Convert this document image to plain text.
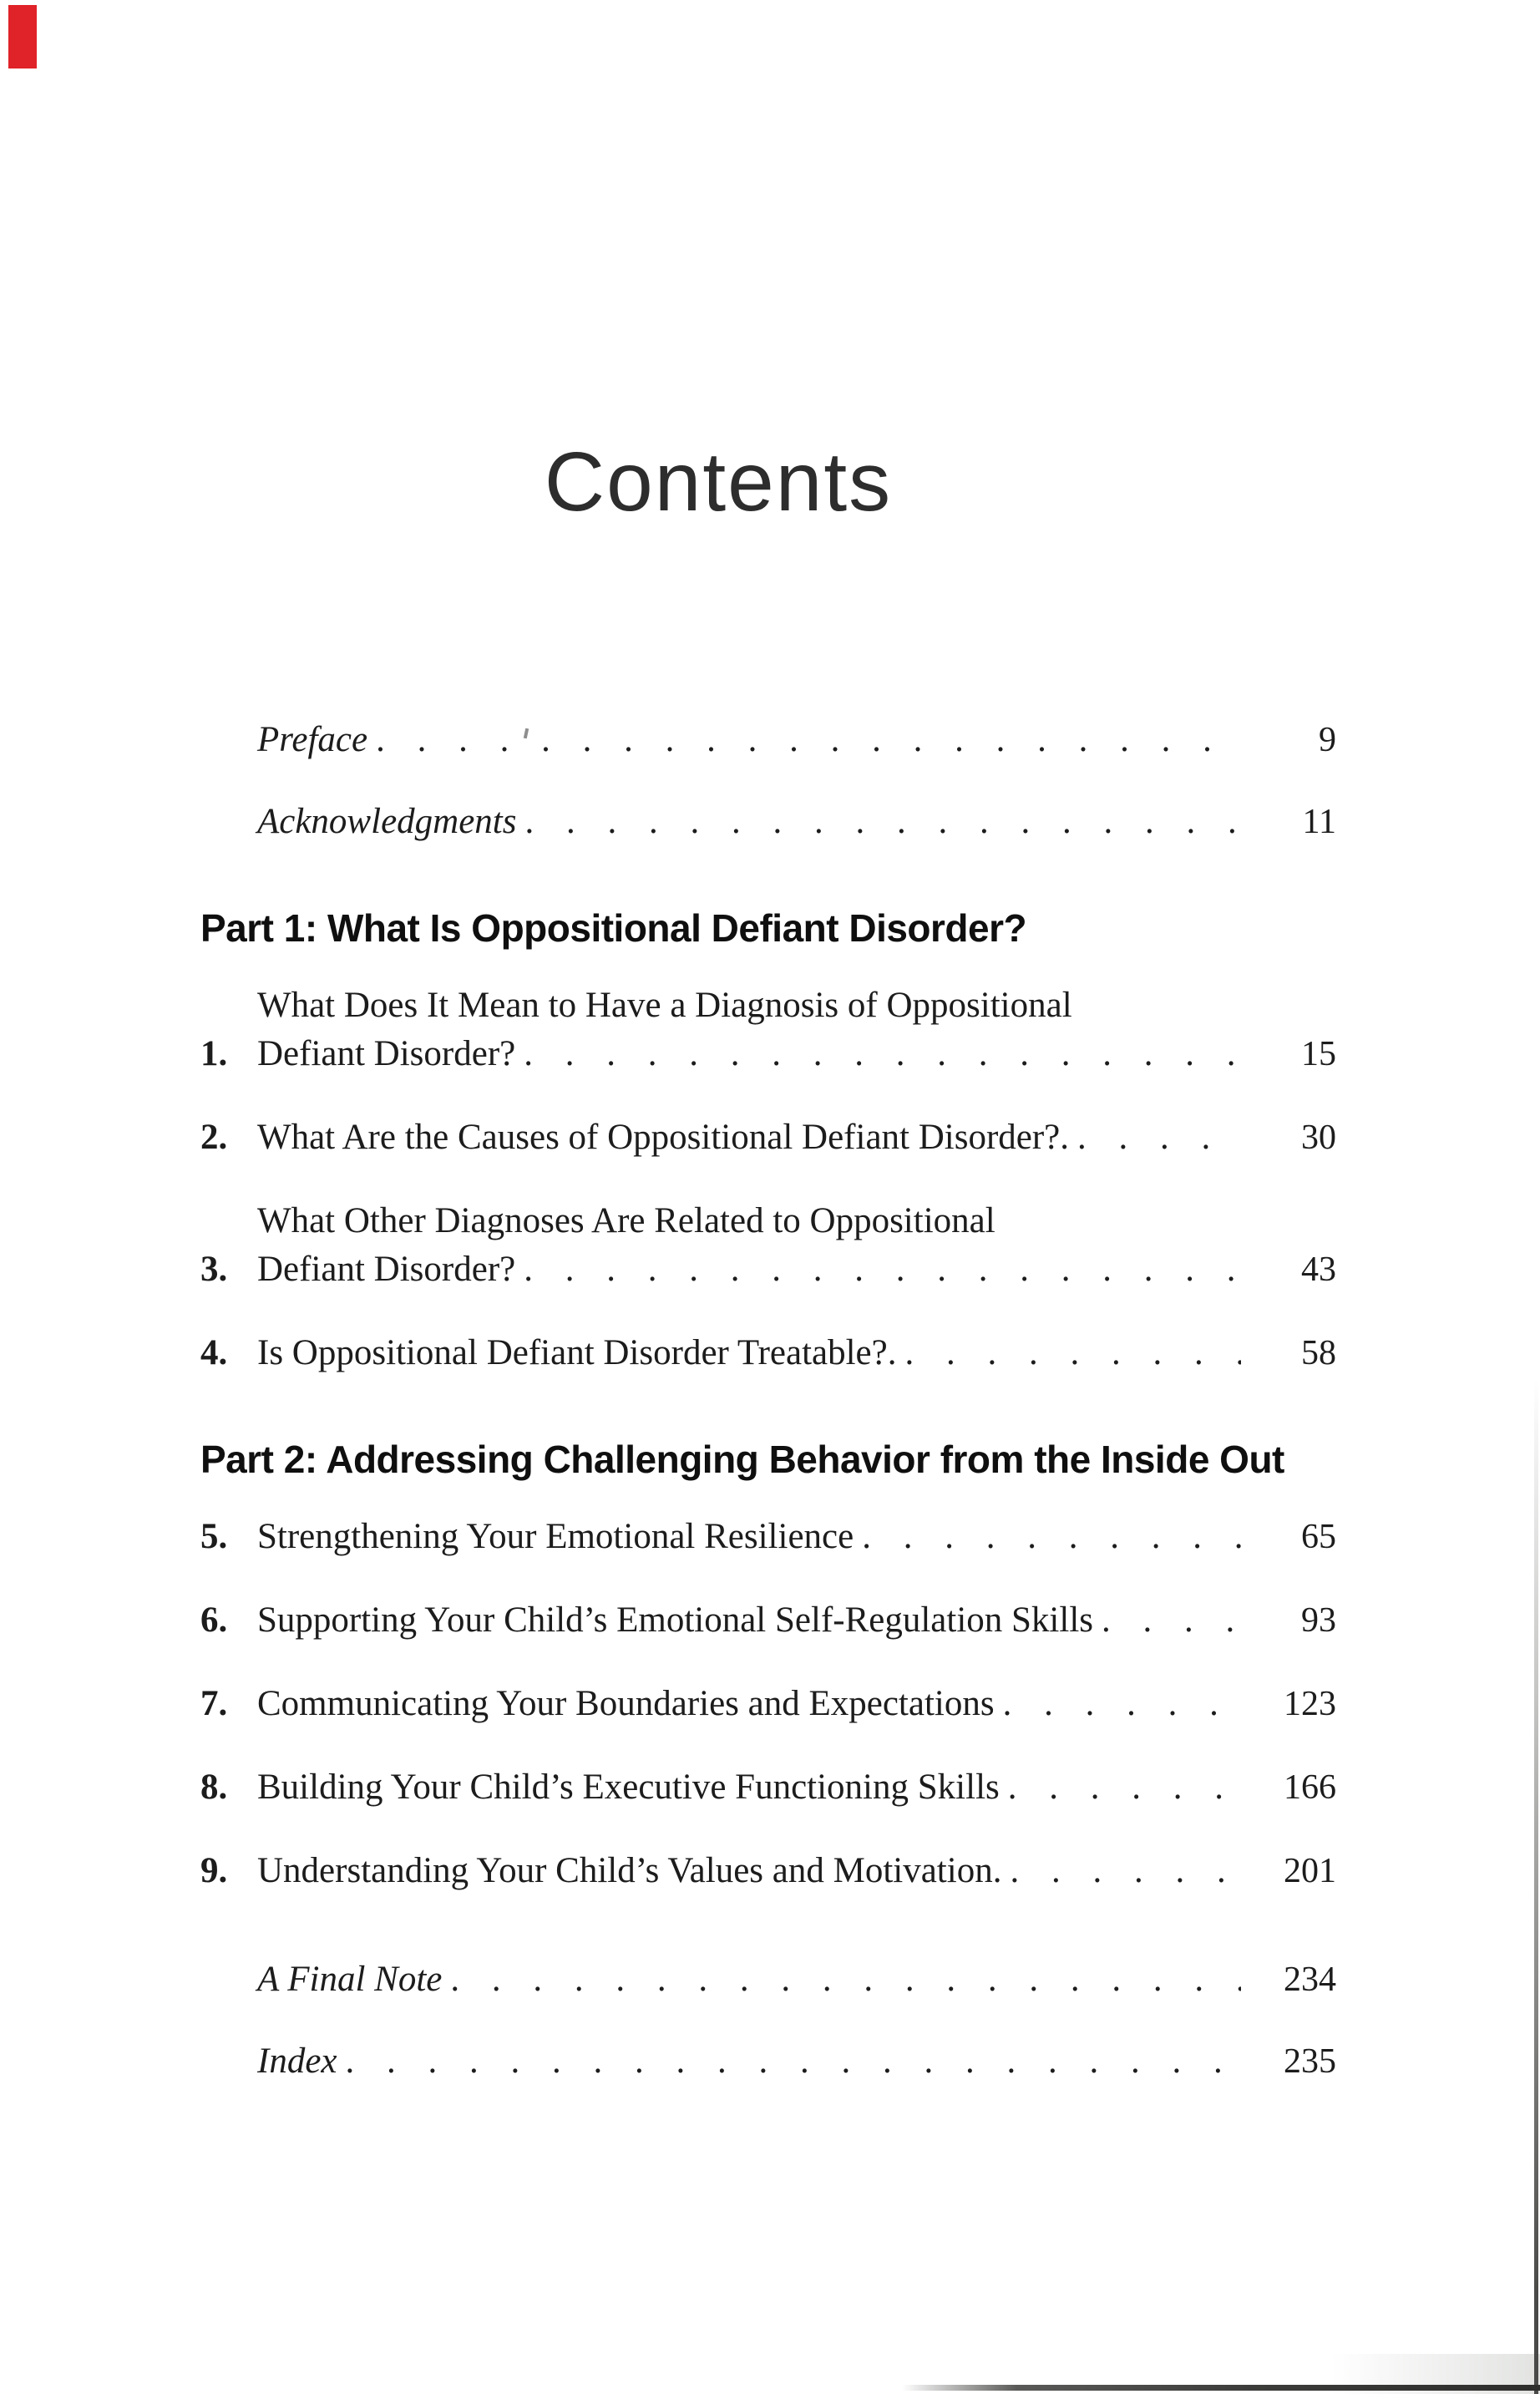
Contents
Preface . . .	9
Acknowledgments . . .	11
Part 1: What Is Oppositional Defiant Disorder?
1.
What Does It Mean to Have a Diagnosis of Oppositional
Defiant Disorder? . . .	15
2. What Are the Causes of Oppositional Defiant Disorder?. . . .	30
3.
What Other Diagnoses Are Related to Oppositional
Defiant Disorder? . . .	43
4. Is Oppositional Defiant Disorder Treatable?. . . .	58
Part 2: Addressing Challenging Behavior from the Inside Out
5. Strengthening Your Emotional Resilience . . .	65
6. Supporting Your Child’s Emotional Self-Regulation Skills . . .	93
7. Communicating Your Boundaries and Expectations . . .	123
8. Building Your Child’s Executive Functioning Skills . . .	166
9. Understanding Your Child’s Values and Motivation. . . .	201
A Final Note . . .	234
Index . . .	235
